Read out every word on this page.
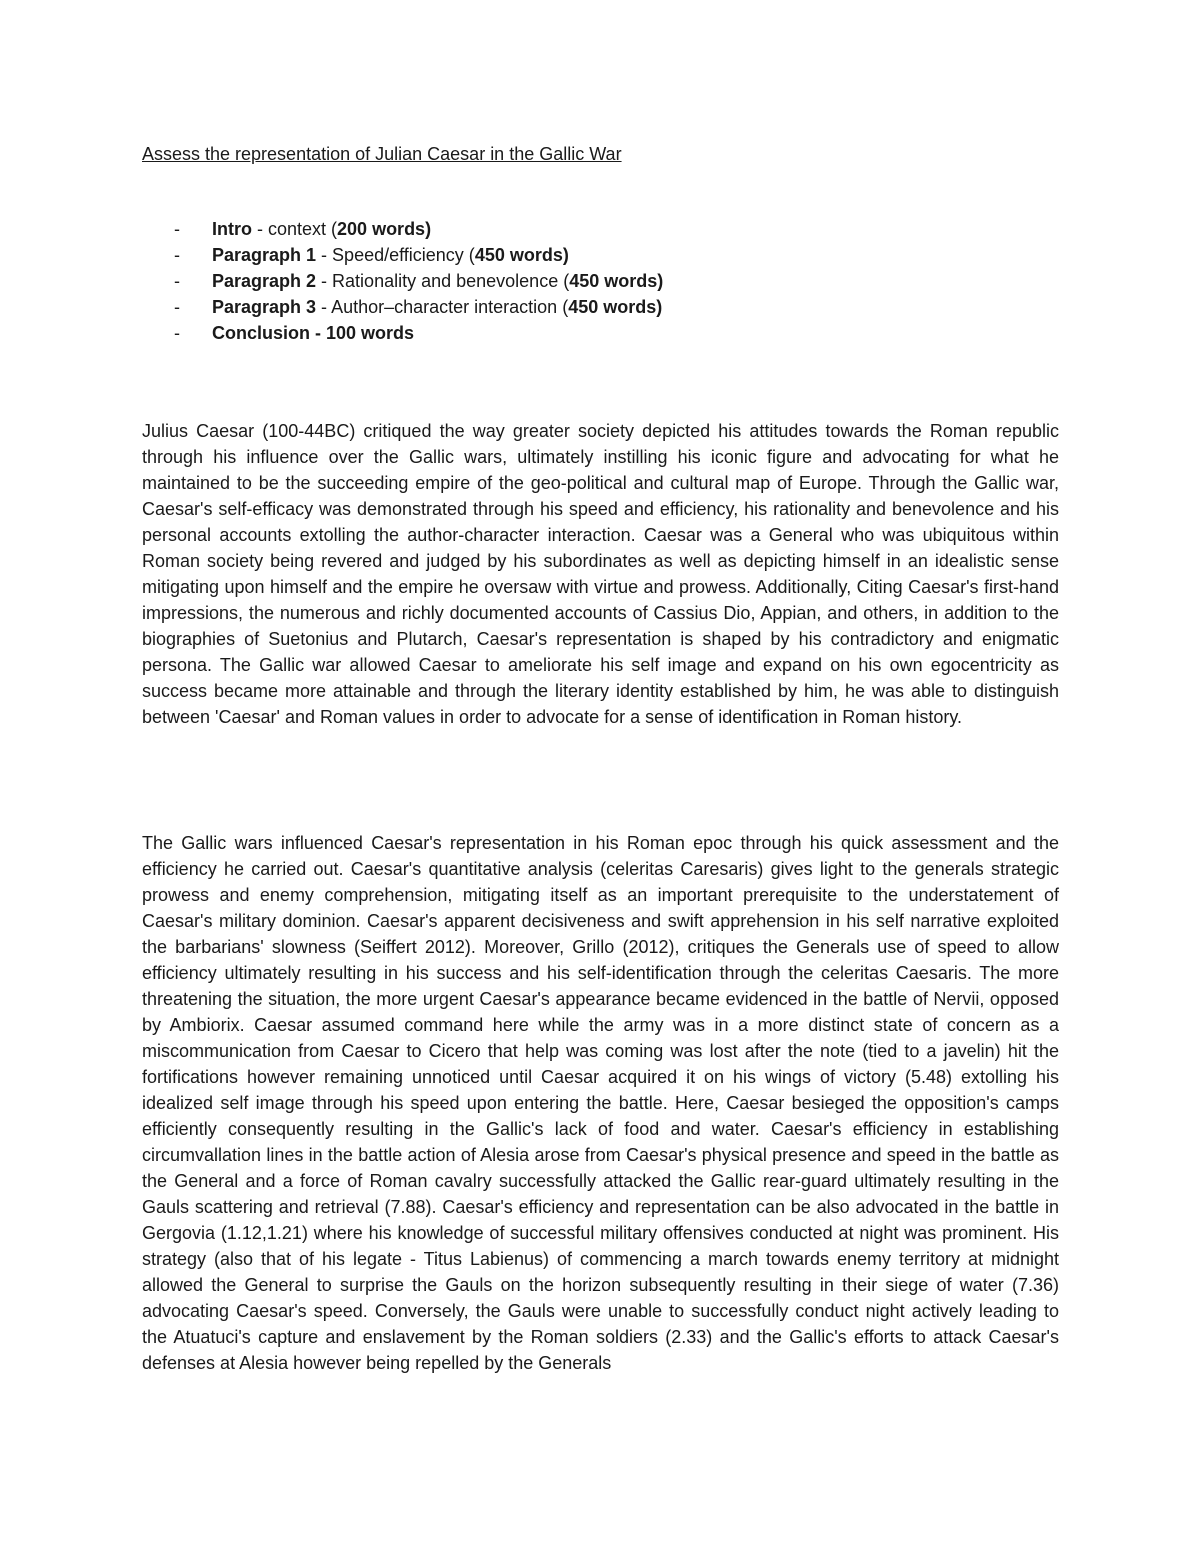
Assess the representation of Julian Caesar in the Gallic War
- Intro - context (200 words)
- Paragraph 1 - Speed/efficiency (450 words)
- Paragraph 2 - Rationality and benevolence (450 words)
- Paragraph 3 - Author–character interaction (450 words)
- Conclusion - 100 words

Julius Caesar (100-44BC) critiqued the way greater society depicted his attitudes towards the Roman republic through his influence over the Gallic wars, ultimately instilling his iconic figure and advocating for what he maintained to be the succeeding empire of the geo-political and cultural map of Europe. Through the Gallic war, Caesar's self-efficacy was demonstrated through his speed and efficiency, his rationality and benevolence and his personal accounts extolling the author-character interaction. Caesar was a General who was ubiquitous within Roman society being revered and judged by his subordinates as well as depicting himself in an idealistic sense mitigating upon himself and the empire he oversaw with virtue and prowess. Additionally, Citing Caesar's first-hand impressions, the numerous and richly documented accounts of Cassius Dio, Appian, and others, in addition to the biographies of Suetonius and Plutarch, Caesar's representation is shaped by his contradictory and enigmatic persona. The Gallic war allowed Caesar to ameliorate his self image and expand on his own egocentricity as success became more attainable and through the literary identity established by him, he was able to distinguish between 'Caesar' and Roman values in order to advocate for a sense of identification in Roman history.

The Gallic wars influenced Caesar's representation in his Roman epoc through his quick assessment and the efficiency he carried out. Caesar's quantitative analysis (celeritas Caresaris) gives light to the generals strategic prowess and enemy comprehension, mitigating itself as an important prerequisite to the understatement of Caesar's military dominion. Caesar's apparent decisiveness and swift apprehension in his self narrative exploited the barbarians' slowness (Seiffert 2012). Moreover, Grillo (2012), critiques the Generals use of speed to allow efficiency ultimately resulting in his success and his self-identification through the celeritas Caesaris. The more threatening the situation, the more urgent Caesar's appearance became evidenced in the battle of Nervii, opposed by Ambiorix. Caesar assumed command here while the army was in a more distinct state of concern as a miscommunication from Caesar to Cicero that help was coming was lost after the note (tied to a javelin) hit the fortifications however remaining unnoticed until Caesar acquired it on his wings of victory (5.48) extolling his idealized self image through his speed upon entering the battle. Here, Caesar besieged the opposition's camps efficiently consequently resulting in the Gallic's lack of food and water. Caesar's efficiency in establishing circumvallation lines in the battle action of Alesia arose from Caesar's physical presence and speed in the battle as the General and a force of Roman cavalry successfully attacked the Gallic rear-guard ultimately resulting in the Gauls scattering and retrieval (7.88). Caesar's efficiency and representation can be also advocated in the battle in Gergovia (1.12,1.21) where his knowledge of successful military offensives conducted at night was prominent. His strategy (also that of his legate - Titus Labienus) of commencing a march towards enemy territory at midnight allowed the General to surprise the Gauls on the horizon subsequently resulting in their siege of water (7.36) advocating Caesar's speed. Conversely, the Gauls were unable to successfully conduct night actively leading to the Atuatuci's capture and enslavement by the Roman soldiers (2.33) and the Gallic's efforts to attack Caesar's defenses at Alesia however being repelled by the Generals
